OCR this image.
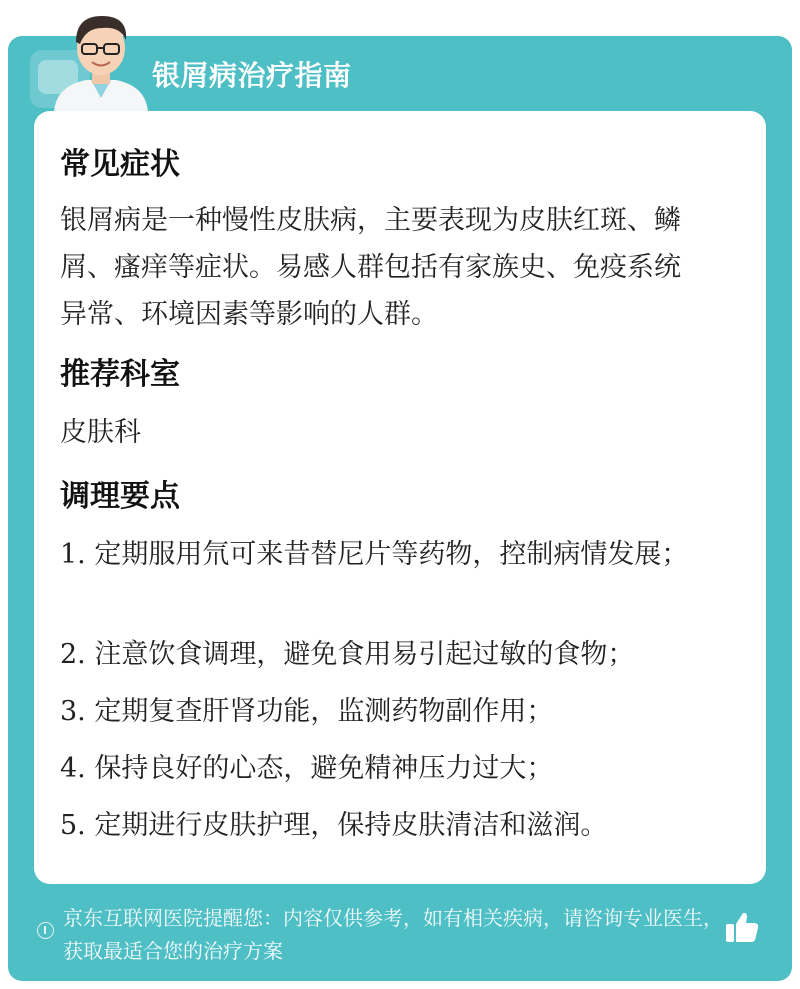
银屑病治疗指南
常见症状
银屑病是一种慢性皮肤病，主要表现为皮肤红斑、鳞屑、瘙痒等症状。易感人群包括有家族史、免疫系统异常、环境因素等影响的人群。
推荐科室
皮肤科
调理要点
1. 定期服用氘可来昔替尼片等药物，控制病情发展；
2. 注意饮食调理，避免食用易引起过敏的食物；
3. 定期复查肝肾功能，监测药物副作用；
4. 保持良好的心态，避免精神压力过大；
5. 定期进行皮肤护理，保持皮肤清洁和滋润。
京东互联网医院提醒您：内容仅供参考，如有相关疾病，请咨询专业医生，获取最适合您的治疗方案
